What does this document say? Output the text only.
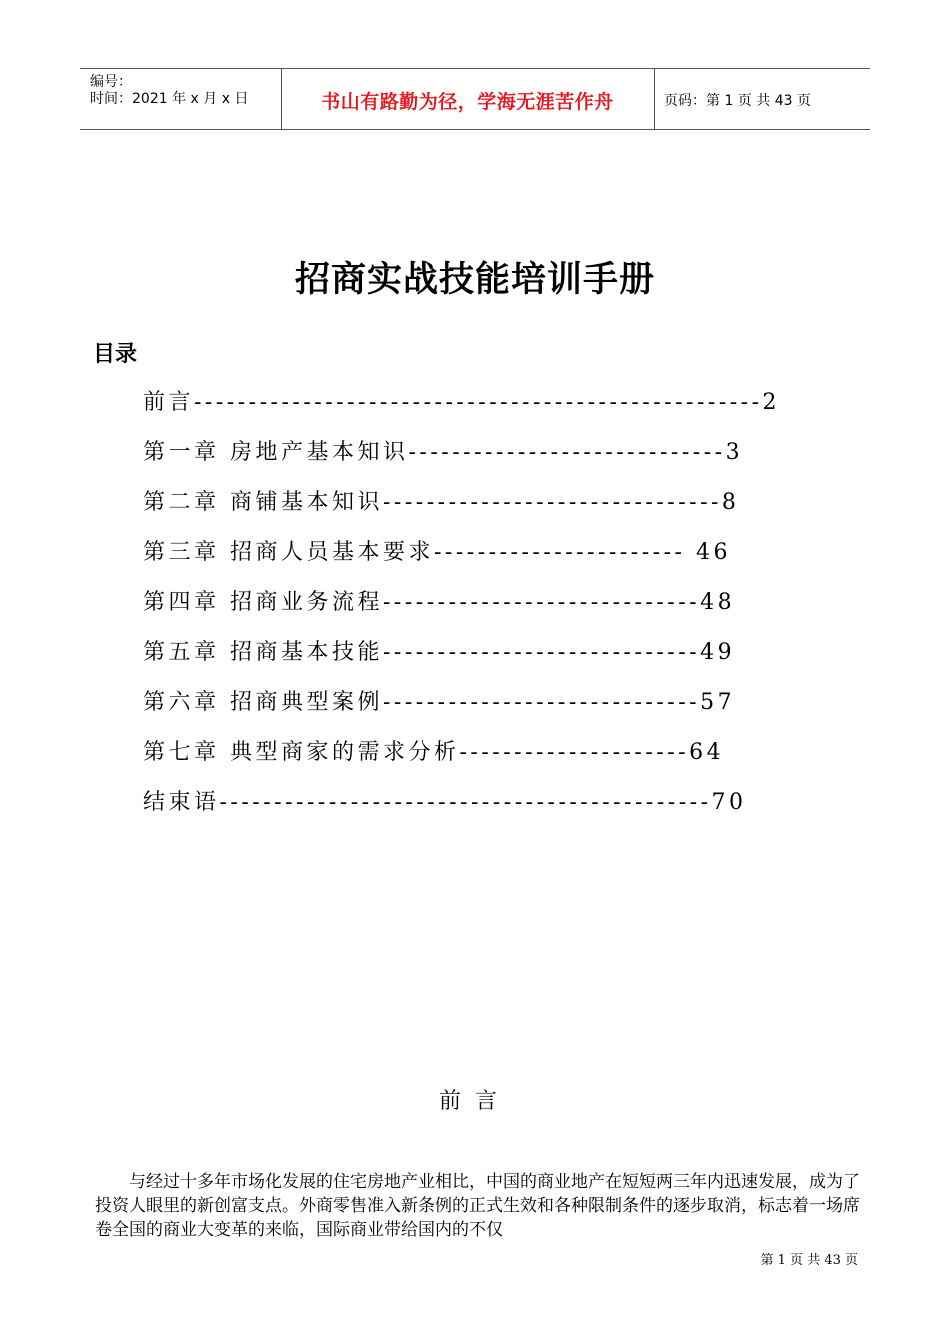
编号：
时间：2021 年 x 月 x 日	书山有路勤为径，学海无涯苦作舟	页码：第 1 页 共 43 页
招商实战技能培训手册
目录
前言----------------------------------------------------2
第一章 房地产基本知识-----------------------------3
第二章 商铺基本知识-------------------------------8
第三章 招商人员基本要求----------------------- 46
第四章 招商业务流程-----------------------------48
第五章 招商基本技能-----------------------------49
第六章 招商典型案例-----------------------------57
第七章 典型商家的需求分析---------------------64
结束语---------------------------------------------70
前言
与经过十多年市场化发展的住宅房地产业相比，中国的商业地产在短短两三年内迅速发展，成为了投资人眼里的新创富支点。外商零售准入新条例的正式生效和各种限制条件的逐步取消，标志着一场席卷全国的商业大变革的来临，国际商业带给国内的不仅
第 1 页 共 43 页
